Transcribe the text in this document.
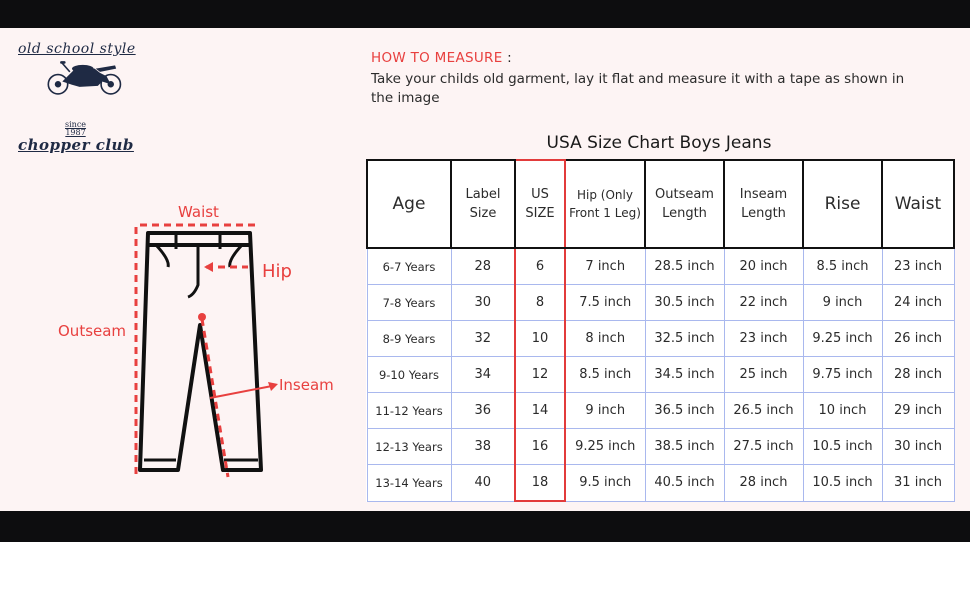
old school style
since
1987
chopper club
HOW TO MEASURE :
Take your childs old garment, lay it flat and measure it with a tape as shown in the image
USA Size Chart Boys Jeans
Age	Label Size	US SIZE	Hip (Only Front 1 Leg)	Outseam Length	Inseam Length	Rise	Waist
6-7 Years	28	6	7 inch	28.5 inch	20 inch	8.5 inch	23 inch
7-8 Years	30	8	7.5 inch	30.5 inch	22 inch	9 inch	24 inch
8-9 Years	32	10	8 inch	32.5 inch	23 inch	9.25 inch	26 inch
9-10 Years	34	12	8.5 inch	34.5 inch	25 inch	9.75 inch	28 inch
11-12 Years	36	14	9 inch	36.5 inch	26.5 inch	10 inch	29 inch
12-13 Years	38	16	9.25 inch	38.5 inch	27.5 inch	10.5 inch	30 inch
13-14 Years	40	18	9.5 inch	40.5 inch	28 inch	10.5 inch	31 inch
Waist
Hip
Outseam
Inseam
